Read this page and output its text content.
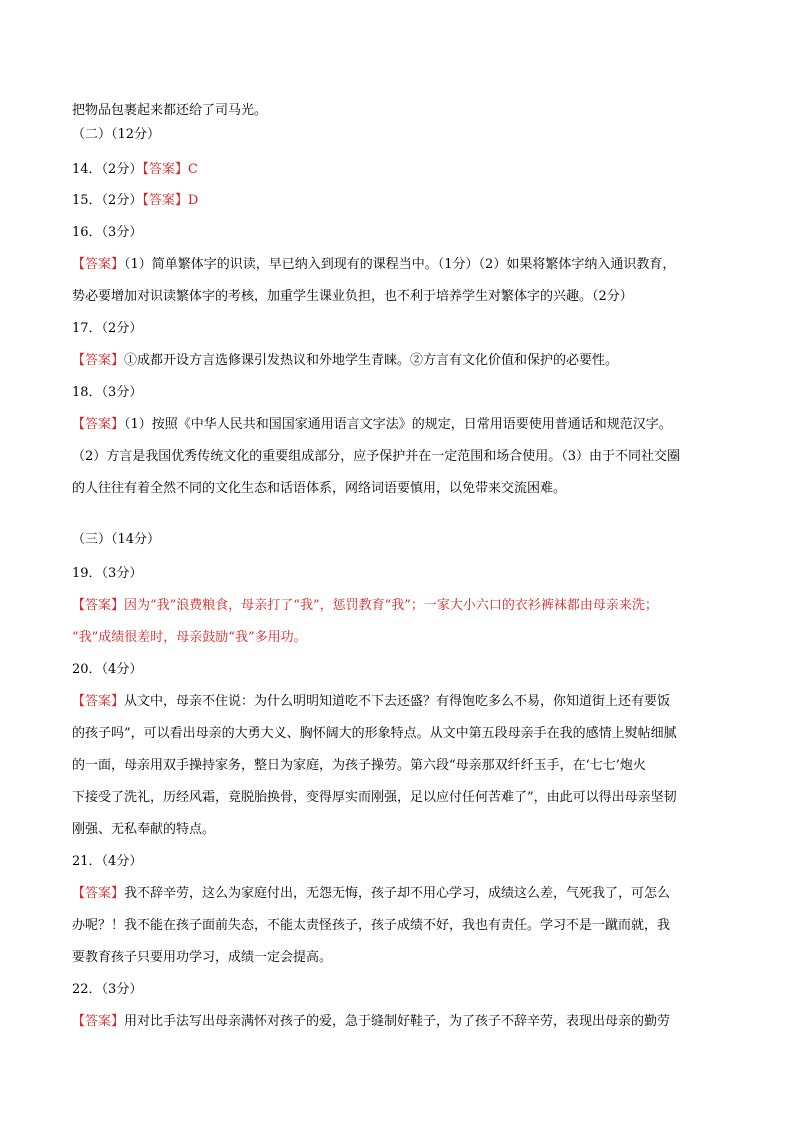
把物品包裹起来都还给了司马光。
（二）（12分）
14．（2分）【答案】C
15．（2分）【答案】D
16．（3分）
【答案】（1）简单繁体字的识读，早已纳入到现有的课程当中。（1分）（2）如果将繁体字纳入通识教育，
势必要增加对识读繁体字的考核，加重学生课业负担，也不利于培养学生对繁体字的兴趣。（2分）
17．（2分）
【答案】①成都开设方言选修课引发热议和外地学生青睐。②方言有文化价值和保护的必要性。
18．（3分）
【答案】（1）按照《中华人民共和国国家通用语言文字法》的规定，日常用语要使用普通话和规范汉字。
（2）方言是我国优秀传统文化的重要组成部分，应予保护并在一定范围和场合使用。（3）由于不同社交圈
的人往往有着全然不同的文化生态和话语体系，网络词语要慎用，以免带来交流困难。
（三）（14分）
19．（3分）
【答案】因为“我”浪费粮食，母亲打了“我”，惩罚教育“我”；一家大小六口的衣衫裤袜都由母亲来洗；
“我”成绩很差时，母亲鼓励“我”多用功。
20．（4分）
【答案】从文中，母亲不住说：为什么明明知道吃不下去还盛？有得饱吃多么不易，你知道街上还有要饭
的孩子吗”，可以看出母亲的大勇大义、胸怀阔大的形象特点。从文中第五段母亲手在我的感情上熨帖细腻
的一面，母亲用双手操持家务，整日为家庭，为孩子操劳。第六段“母亲那双纤纤玉手，在‘七七’炮火
下接受了洗礼，历经风霜，竟脱胎换骨，变得厚实而刚强，足以应付任何苦难了”，由此可以得出母亲坚韧
刚强、无私奉献的特点。
21．（4分）
【答案】我不辞辛劳，这么为家庭付出，无怨无悔，孩子却不用心学习，成绩这么差，气死我了，可怎么
办呢？！我不能在孩子面前失态，不能太责怪孩子，孩子成绩不好，我也有责任。学习不是一蹴而就，我
要教育孩子只要用功学习，成绩一定会提高。
22．（3分）
【答案】用对比手法写出母亲满怀对孩子的爱，急于缝制好鞋子，为了孩子不辞辛劳，表现出母亲的勤劳
